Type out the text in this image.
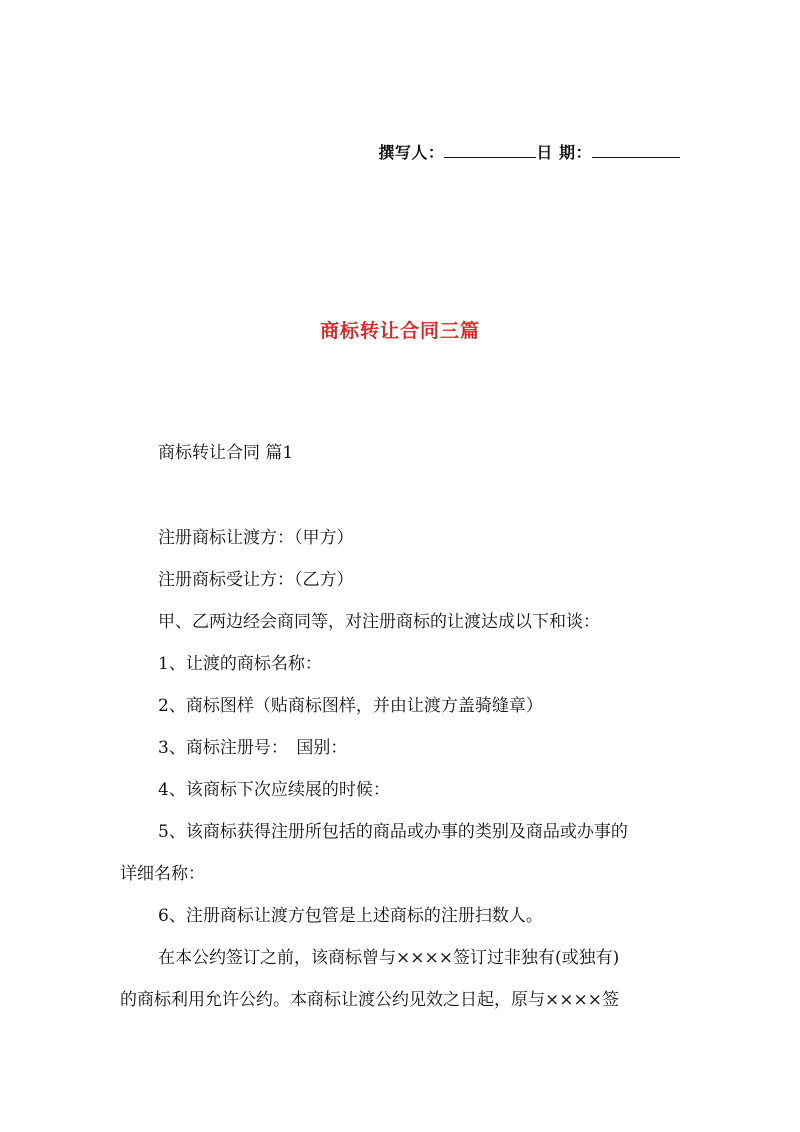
撰写人：	日 期：
商标转让合同三篇
商标转让合同 篇1
注册商标让渡方：（甲方）
注册商标受让方：（乙方）
甲、乙两边经会商同等，对注册商标的让渡达成以下和谈：
1、让渡的商标名称：
2、商标图样（贴商标图样，并由让渡方盖骑缝章）
3、商标注册号：　国别：
4、该商标下次应续展的时候：
5、该商标获得注册所包括的商品或办事的类别及商品或办事的
详细名称：
6、注册商标让渡方包管是上述商标的注册扫数人。
在本公约签订之前，该商标曾与××××签订过非独有(或独有)
的商标利用允许公约。本商标让渡公约见效之日起，原与××××签
